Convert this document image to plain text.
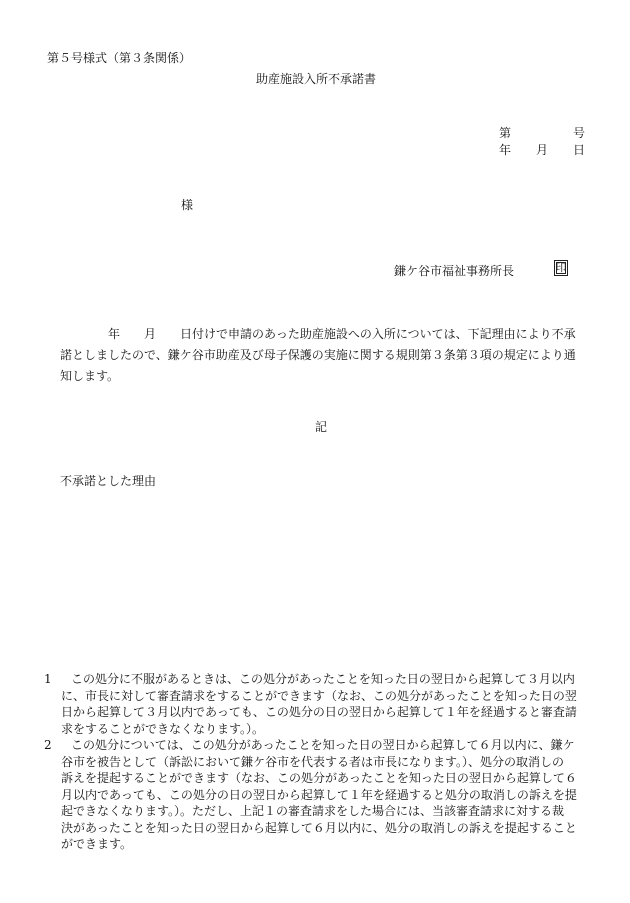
第５号様式（第３条関係）
助産施設入所不承諾書
第	号
年 月 日
様
鎌ケ谷市福祉事務所長	印
年　　月　　日付けで申請のあった助産施設への入所については、下記理由により不承
諾としましたので、鎌ケ谷市助産及び母子保護の実施に関する規則第３条第３項の規定により通
知します。
記
不承諾とした理由
1	この処分に不服があるときは、この処分があったことを知った日の翌日から起算して３月以内
に、市長に対して審査請求をすることができます（なお、この処分があったことを知った日の翌
日から起算して３月以内であっても、この処分の日の翌日から起算して１年を経過すると審査請
求をすることができなくなります。）。
2	この処分については、この処分があったことを知った日の翌日から起算して６月以内に、鎌ケ
谷市を被告として（訴訟において鎌ケ谷市を代表する者は市長になります。）、処分の取消しの
訴えを提起することができます（なお、この処分があったことを知った日の翌日から起算して６
月以内であっても、この処分の日の翌日から起算して１年を経過すると処分の取消しの訴えを提
起できなくなります。）。ただし、上記１の審査請求をした場合には、当該審査請求に対する裁
決があったことを知った日の翌日から起算して６月以内に、処分の取消しの訴えを提起すること
ができます。
